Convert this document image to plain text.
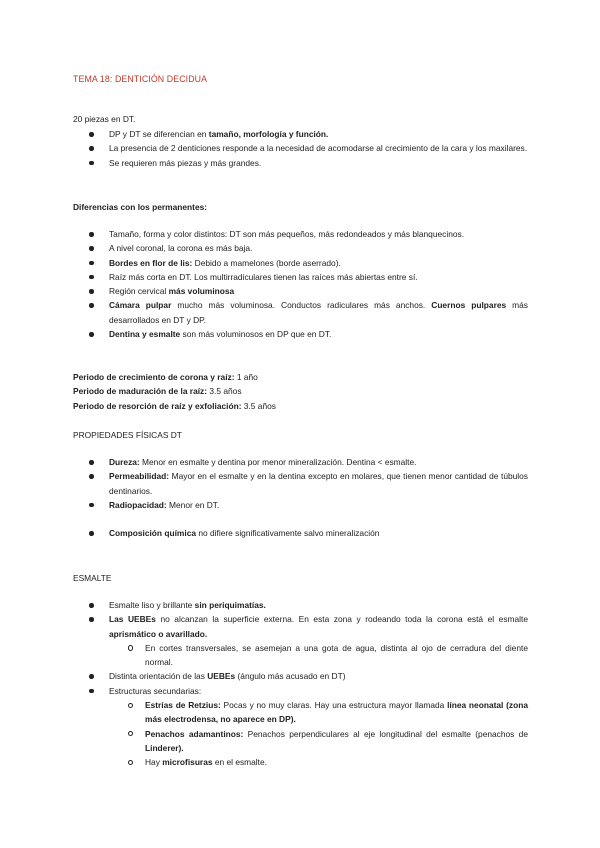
TEMA 18: DENTICIÓN DECIDUA

20 piezas en DT.

DP y DT se diferencian en tamaño, morfología y función.
La presencia de 2 denticiones responde a la necesidad de acomodarse al crecimiento de la cara y los maxilares.
Se requieren más piezas y más grandes.

Diferencias con los permanentes:

Tamaño, forma y color distintos: DT son más pequeños, más redondeados y más blanquecinos.
A nivel coronal, la corona es más baja.
Bordes en flor de lis: Debido a mamelones (borde aserrado).
Raíz más corta en DT. Los multirradiculares tienen las raíces más abiertas entre sí.
Región cervical más voluminosa
Cámara pulpar mucho más voluminosa. Conductos radiculares más anchos. Cuernos pulpares más desarrollados en DT y DP.
Dentina y esmalte son más voluminosos en DP que en DT.
Periodo de crecimiento de corona y raíz: 1 año
Periodo de maduración de la raíz: 3.5 años
Periodo de resorción de raíz y exfoliación: 3.5 años

PROPIEDADES FÍSICAS DT

Dureza: Menor en esmalte y dentina por menor mineralización. Dentina < esmalte.
Permeabilidad: Mayor en el esmalte y en la dentina excepto en molares, que tienen menor cantidad de túbulos dentinarios.
Radiopacidad: Menor en DT.
Composición química no difiere significativamente salvo mineralización

ESMALTE

Esmalte liso y brillante sin periquimatías.
Las UEBEs no alcanzan la superficie externa. En esta zona y rodeando toda la corona está el esmalte aprismático o avarillado.
En cortes transversales, se asemejan a una gota de agua, distinta al ojo de cerradura del diente normal.
Distinta orientación de las UEBEs (ángulo más acusado en DT)
Estructuras secundarias:
Estrías de Retzius: Pocas y no muy claras. Hay una estructura mayor llamada línea neonatal (zona más electrodensa, no aparece en DP).
Penachos adamantinos: Penachos perpendiculares al eje longitudinal del esmalte (penachos de Linderer).
Hay microfisuras en el esmalte.
